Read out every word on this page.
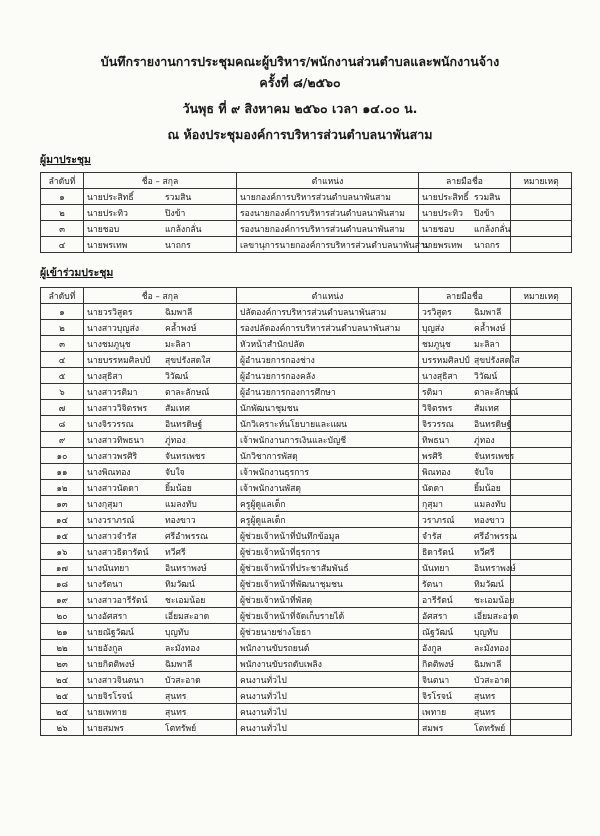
บันทึกรายงานการประชุมคณะผู้บริหาร/พนักงานส่วนตำบลและพนักงานจ้าง
ครั้งที่ ๘/๒๕๖๐
วันพุธ ที่ ๙ สิงหาคม ๒๕๖๐ เวลา ๑๔.๐๐ น.
ณ ห้องประชุมองค์การบริหารส่วนตำบลนาพันสาม
ผู้มาประชุม
ลำดับที่	ชื่อ – สกุล	ตำแหน่ง	ลายมือชื่อ	หมายเหตุ
๑	นายประสิทธิ์ รวมสิน	นายกองค์การบริหารส่วนตำบลนาพันสาม	นายประสิทธิ์ รวมสิน	
๒	นายประทิว ปิงข้า	รองนายกองค์การบริหารส่วนตำบลนาพันสาม	นายประทิว ปิงข้า	
๓	นายชอบ แกล้งกลั่น	รองนายกองค์การบริหารส่วนตำบลนาพันสาม	นายชอบ แกล้งกลั่น	
๔	นายพรเทพ นาถกร	เลขานุการนายกองค์การบริหารส่วนตำบลนาพันสาม	นายพรเทพ นาถกร	
ผู้เข้าร่วมประชุม
ลำดับที่	ชื่อ – สกุล	ตำแหน่ง	ลายมือชื่อ	หมายเหตุ
๑	นายวรวิสูตร ฉิมพาลี	ปลัดองค์การบริหารส่วนตำบลนาพันสาม	วรวิสูตร ฉิมพาลี	
๒	นางสาวบุญส่ง คล้ำพงษ์	รองปลัดองค์การบริหารส่วนตำบลนาพันสาม	บุญส่ง คล้ำพงษ์	
๓	นางชมภูนุช มะลิลา	หัวหน้าสำนักปลัด	ชมภูนุช มะลิลา	
๔	นายบรรหมศิลปป์ สุขปรังสดใส	ผู้อำนวยการกองช่าง	บรรหมศิลปป์ สุขปรังสดใส	
๕	นางสุธิสา วิวัฒน์	ผู้อำนวยการกองคลัง	นางสุธิสา วิวัฒน์	
๖	นางสาวรติมา ตาละลักษณ์	ผู้อำนวยการกองการศึกษา	รติมา ตาละลักษณ์	
๗	นางสาววิจิตรพร สัมเทศ	นักพัฒนาชุมชน	วิจิตรพร สัมเทศ	
๘	นางจิรวรรณ อินทรดิษฐ์	นักวิเคราะห์นโยบายและแผน	จิรวรรณ อินทรดิษฐ์	
๙	นางสาวทิพธนา ภู่ทอง	เจ้าพนักงานการเงินและบัญชี	ทิพธนา ภู่ทอง	
๑๐	นางสาวพรศิริ จันทรเพชร	นักวิชาการพัสดุ	พรศิริ จันทรเพชร	
๑๑	นางพิณทอง จับใจ	เจ้าพนักงานธุรการ	พิณทอง จับใจ	
๑๒	นางสาวนัดดา ยิ้มน้อย	เจ้าพนักงานพัสดุ	นัดดา ยิ้มน้อย	
๑๓	นางกุสุมา แมลงทับ	ครูผู้ดูแลเด็ก	กุสุมา แมลงทับ	
๑๔	นางวราภรณ์ ทองขาว	ครูผู้ดูแลเด็ก	วราภรณ์ ทองขาว	
๑๕	นางสาวจำรัส ศรีอำพรรณ	ผู้ช่วยเจ้าหน้าที่บันทึกข้อมูล	จำรัส ศรีอำพรรณ	
๑๖	นางสาวธิดารัตน์ ทวีศรี	ผู้ช่วยเจ้าหน้าที่ธุรการ	ธิดารัตน์ ทวีศรี	
๑๗	นางนันทยา อินทราพงษ์	ผู้ช่วยเจ้าหน้าที่ประชาสัมพันธ์	นันทยา อินทราพงษ์	
๑๘	นางรัตนา ทิมวัฒน์	ผู้ช่วยเจ้าหน้าที่พัฒนาชุมชน	รัตนา ทิมวัฒน์	
๑๙	นางสาวอารีรัตน์ ชะเอมน้อย	ผู้ช่วยเจ้าหน้าที่พัสดุ	อารีรัตน์ ชะเอมน้อย	
๒๐	นางอัศสรา เอี่ยมสะอาด	ผู้ช่วยเจ้าหน้าที่จัดเก็บรายได้	อัศสรา เอี่ยมสะอาด	
๒๑	นายณัฐวัฒน์ บุญทับ	ผู้ช่วยนายช่างโยธา	ณัฐวัฒน์ บุญทับ	
๒๒	นายอังกูล ละมังทอง	พนักงานขับรถยนต์	อังกูล ละมังทอง	
๒๓	นายกิตติพงษ์ ฉิมพาลี	พนักงานขับรถดับเพลิง	กิตติพงษ์ ฉิมพาลี	
๒๔	นางสาวจินตนา บัวสะอาด	คนงานทั่วไป	จินตนา บัวสะอาด	
๒๕	นายจิรโรจน์ สุนทร	คนงานทั่วไป	จิรโรจน์ สุนทร	
๒๕	นายเพทาย สุนทร	คนงานทั่วไป	เพทาย สุนทร	
๒๖	นายสมพร โตทรัพย์	คนงานทั่วไป	สมพร โตทรัพย์	
